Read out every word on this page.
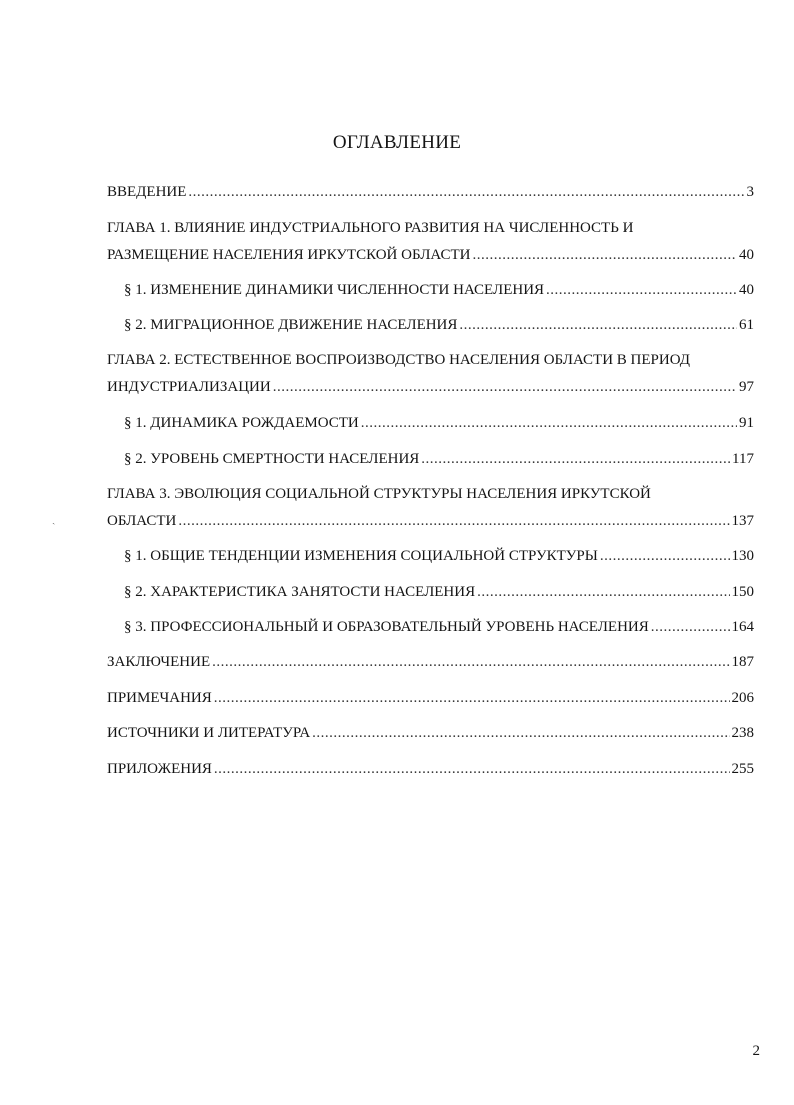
ОГЛАВЛЕНИЕ
ВВЕДЕНИЕ .....	3
ГЛАВА 1. ВЛИЯНИЕ ИНДУСТРИАЛЬНОГО РАЗВИТИЯ НА ЧИСЛЕННОСТЬ И
РАЗМЕЩЕНИЕ НАСЕЛЕНИЯ ИРКУТСКОЙ ОБЛАСТИ .....	40
§ 1. ИЗМЕНЕНИЕ ДИНАМИКИ ЧИСЛЕННОСТИ НАСЕЛЕНИЯ .....	40
§ 2. МИГРАЦИОННОЕ ДВИЖЕНИЕ НАСЕЛЕНИЯ .....	61
ГЛАВА 2. ЕСТЕСТВЕННОЕ ВОСПРОИЗВОДСТВО НАСЕЛЕНИЯ ОБЛАСТИ В ПЕРИОД
ИНДУСТРИАЛИЗАЦИИ .....	97
§ 1. ДИНАМИКА РОЖДАЕМОСТИ .....	91
§ 2. УРОВЕНЬ СМЕРТНОСТИ НАСЕЛЕНИЯ .....	117
ГЛАВА 3. ЭВОЛЮЦИЯ СОЦИАЛЬНОЙ СТРУКТУРЫ НАСЕЛЕНИЯ ИРКУТСКОЙ
ОБЛАСТИ .....	137
§ 1. ОБЩИЕ ТЕНДЕНЦИИ ИЗМЕНЕНИЯ СОЦИАЛЬНОЙ СТРУКТУРЫ .....	130
§ 2. ХАРАКТЕРИСТИКА ЗАНЯТОСТИ НАСЕЛЕНИЯ .....	150
§ 3. ПРОФЕССИОНАЛЬНЫЙ И ОБРАЗОВАТЕЛЬНЫЙ УРОВЕНЬ НАСЕЛЕНИЯ .....	164
ЗАКЛЮЧЕНИЕ .....	187
ПРИМЕЧАНИЯ .....	206
ИСТОЧНИКИ И ЛИТЕРАТУРА .....	238
ПРИЛОЖЕНИЯ .....	255
ˏ
2
